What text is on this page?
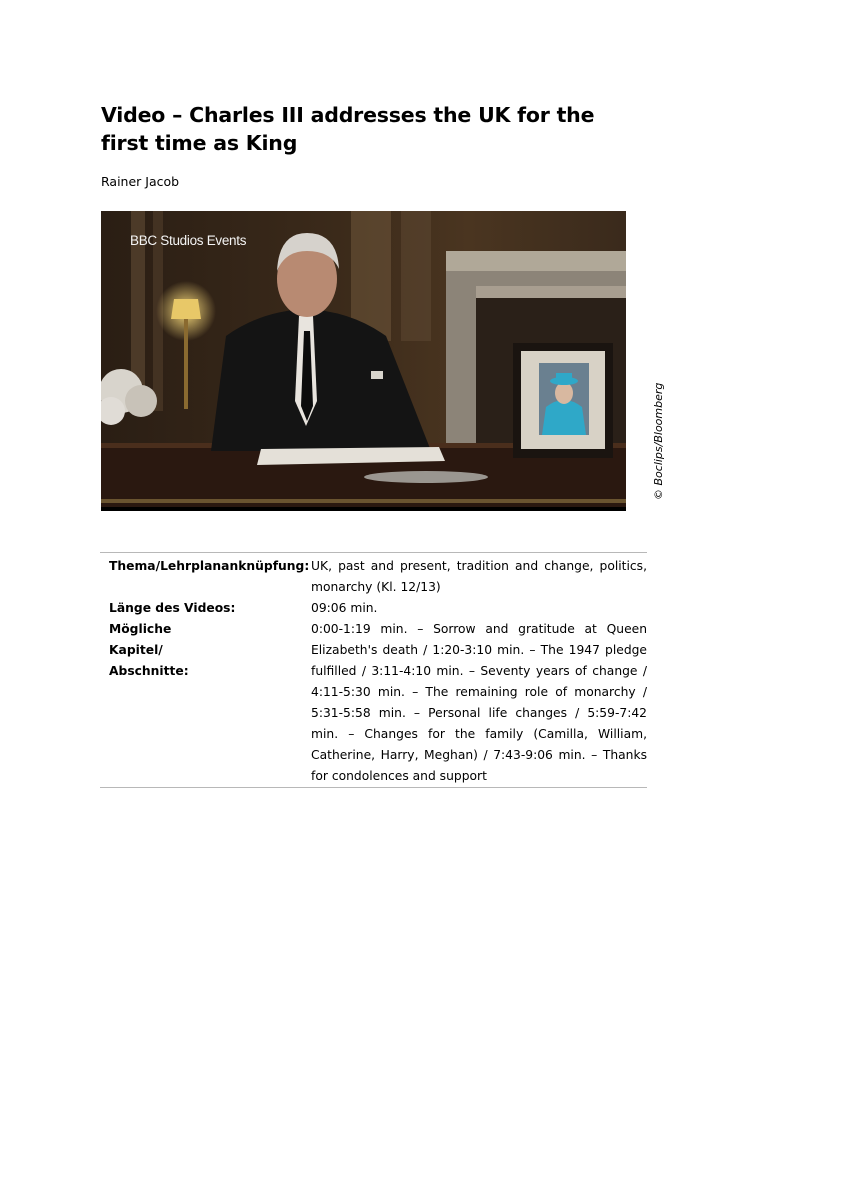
Video – Charles III addresses the UK for the first time as King
Rainer Jacob
BBC Studios Events
© Boclips/Bloomberg
Thema/Lehrplananknüpfung: UK, past and present, tradition and change, politics, monarchy (Kl. 12/13)
Länge des Videos:	09:06 min.
Mögliche Kapitel/ Abschnitte:
0:00-1:19 min. – Sorrow and gratitude at Queen Elizabeth's death / 1:20-3:10 min. – The 1947 pledge fulfilled / 3:11-4:10 min. – Seventy years of change / 4:11-5:30 min. – The remaining role of monarchy / 5:31-5:58 min. – Personal life changes / 5:59-7:42 min. – Changes for the family (Camilla, William, Catherine, Harry, Meghan) / 7:43-9:06 min. – Thanks for condolences and support
